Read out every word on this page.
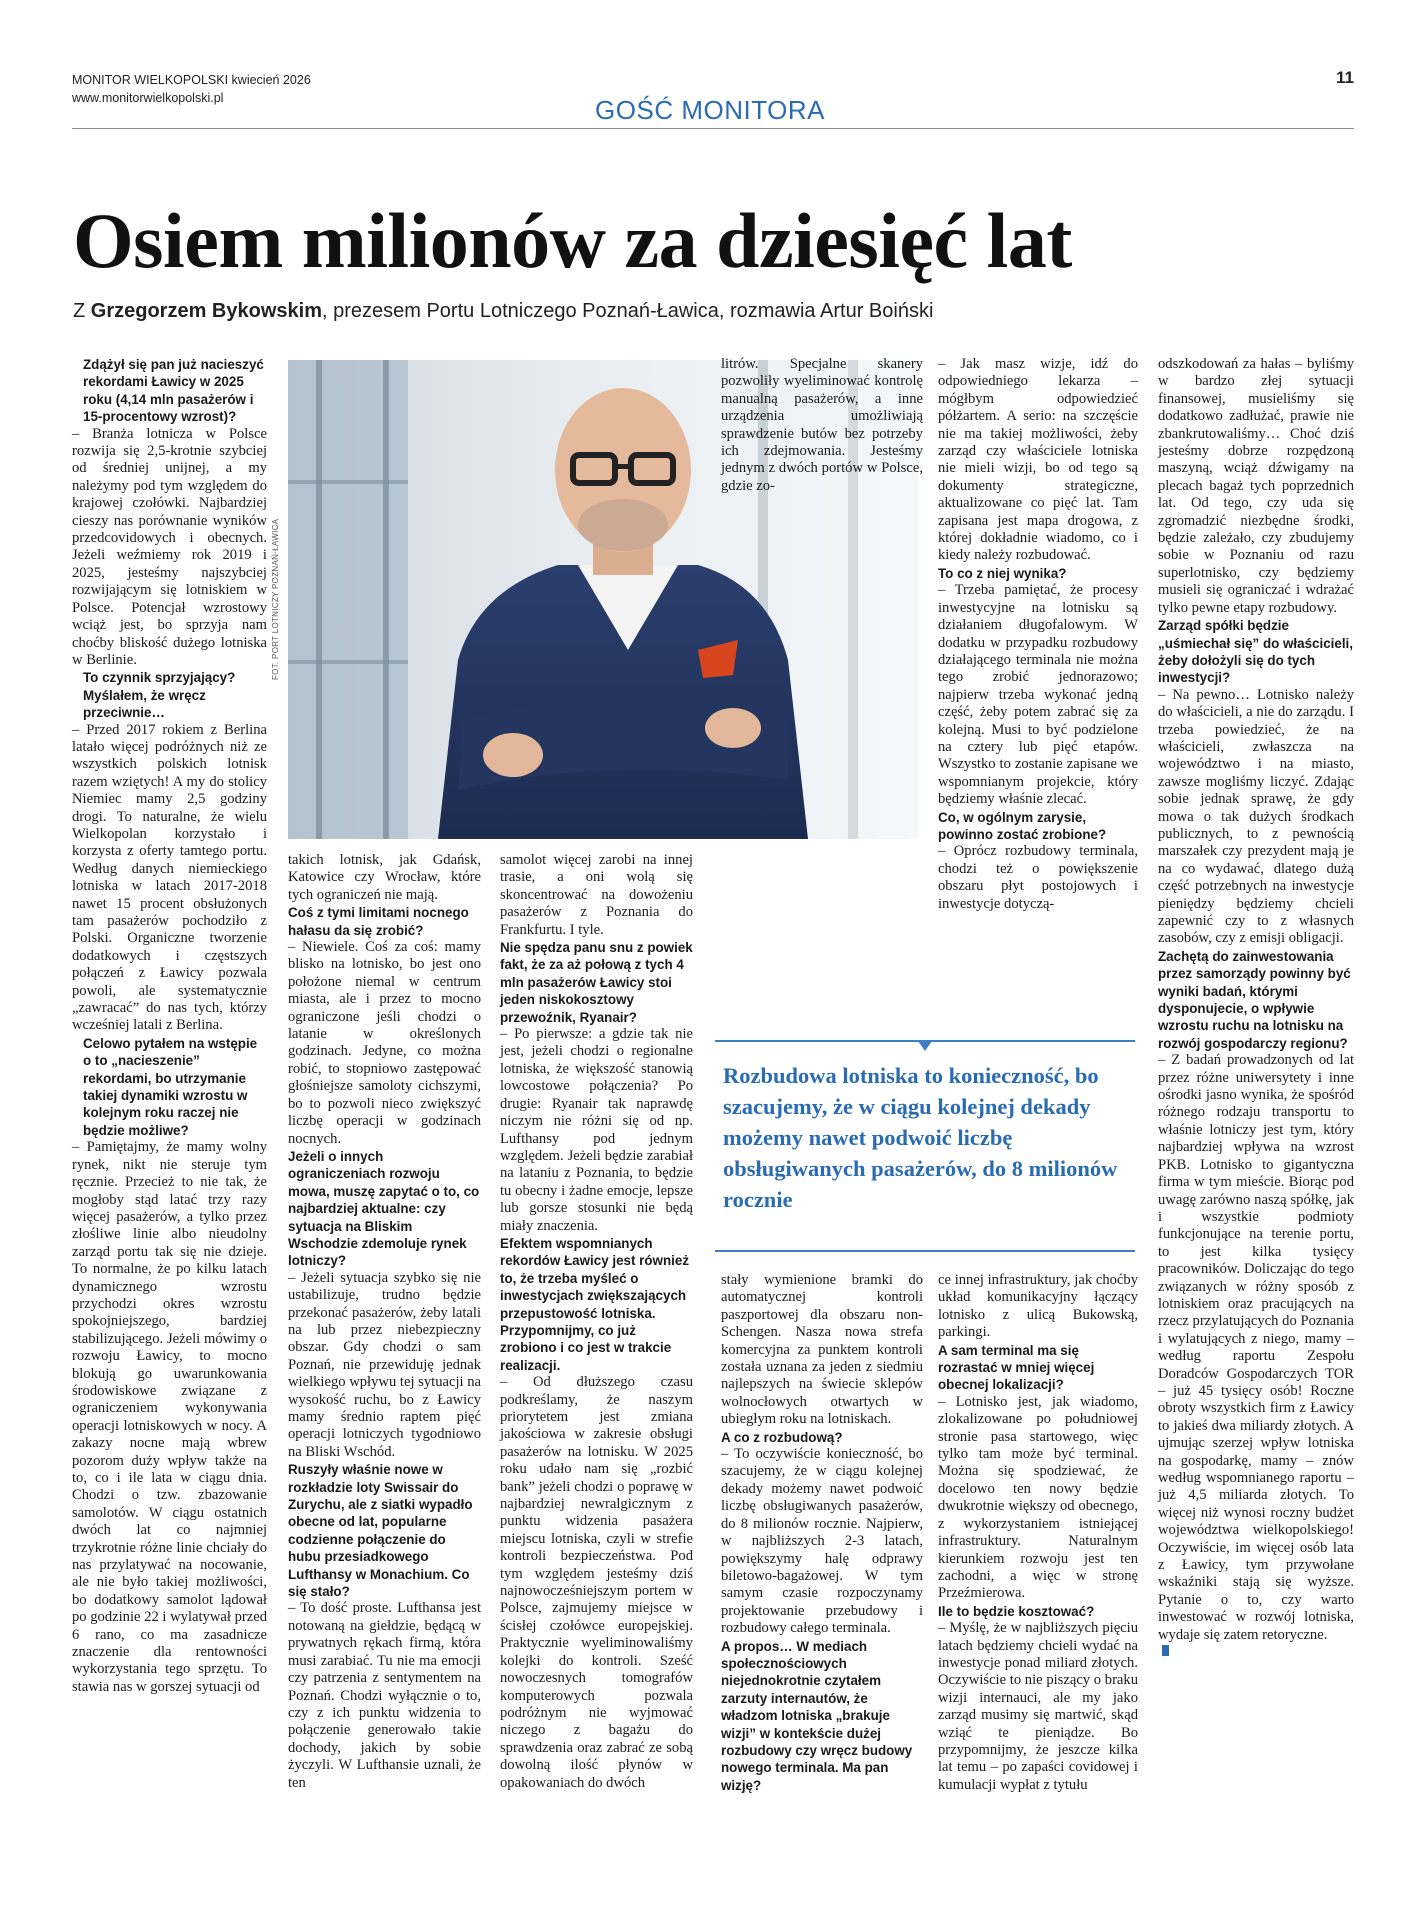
MONITOR WIELKOPOLSKI kwiecień 2026
www.monitorwielkopolski.pl
11
GOŚĆ MONITORA
Osiem milionów za dziesięć lat
Z Grzegorzem Bykowskim, prezesem Portu Lotniczego Poznań-Ławica, rozmawia Artur Boiński
FOT. PORT LOTNICZY POZNAŃ-ŁAWICA

Zdążył się pan już nacieszyć rekordami Ławicy w 2025 roku (4,14 mln pasażerów i 15-procentowy wzrost)?

– Branża lotnicza w Polsce rozwija się 2,5-krotnie szybciej od średniej unijnej, a my należymy pod tym względem do krajowej czołówki. Najbardziej cieszy nas porównanie wyników przedcovidowych i obecnych. Jeżeli weźmiemy rok 2019 i 2025, jesteśmy najszybciej rozwijającym się lotniskiem w Polsce. Potencjał wzrostowy wciąż jest, bo sprzyja nam choćby bliskość dużego lotniska w Berlinie.

To czynnik sprzyjający? Myślałem, że wręcz przeciwnie…

– Przed 2017 rokiem z Berlina latało więcej podróżnych niż ze wszystkich polskich lotnisk razem wziętych! A my do stolicy Niemiec mamy 2,5 godziny drogi. To naturalne, że wielu Wielkopolan korzystało i korzysta z oferty tamtego portu. Według danych niemieckiego lotniska w latach 2017-2018 nawet 15 procent obsłużonych tam pasażerów pochodziło z Polski. Organiczne tworzenie dodatkowych i częstszych połączeń z Ławicy pozwala powoli, ale systematycznie „zawracać” do nas tych, którzy wcześniej latali z Berlina.

Celowo pytałem na wstępie o to „nacieszenie” rekordami, bo utrzymanie takiej dynamiki wzrostu w kolejnym roku raczej nie będzie możliwe?

– Pamiętajmy, że mamy wolny rynek, nikt nie steruje tym ręcznie. Przecież to nie tak, że mogłoby stąd latać trzy razy więcej pasażerów, a tylko przez złośliwe linie albo nieudolny zarząd portu tak się nie dzieje. To normalne, że po kilku latach dynamicznego wzrostu przychodzi okres wzrostu spokojniejszego, bardziej stabilizującego. Jeżeli mówimy o rozwoju Ławicy, to mocno blokują go uwarunkowania środowiskowe związane z ograniczeniem wykonywania operacji lotniskowych w nocy. A zakazy nocne mają wbrew pozorom duży wpływ także na to, co i ile lata w ciągu dnia. Chodzi o tzw. zbazowanie samolotów. W ciągu ostatnich dwóch lat co najmniej trzykrotnie różne linie chciały do nas przylatywać na nocowanie, ale nie było takiej możliwości, bo dodatkowy samolot lądował po godzinie 22 i wylatywał przed 6 rano, co ma zasadnicze znaczenie dla rentowności wykorzystania tego sprzętu. To stawia nas w gorszej sytuacji od

takich lotnisk, jak Gdańsk, Katowice czy Wrocław, które tych ograniczeń nie mają.

Coś z tymi limitami nocnego hałasu da się zrobić?

– Niewiele. Coś za coś: mamy blisko na lotnisko, bo jest ono położone niemal w centrum miasta, ale i przez to mocno ograniczone jeśli chodzi o latanie w określonych godzinach. Jedyne, co można robić, to stopniowo zastępować głośniejsze samoloty cichszymi, bo to pozwoli nieco zwiększyć liczbę operacji w godzinach nocnych.

Jeżeli o innych ograniczeniach rozwoju mowa, muszę zapytać o to, co najbardziej aktualne: czy sytuacja na Bliskim Wschodzie zdemoluje rynek lotniczy?

– Jeżeli sytuacja szybko się nie ustabilizuje, trudno będzie przekonać pasażerów, żeby latali na lub przez niebezpieczny obszar. Gdy chodzi o sam Poznań, nie przewiduję jednak wielkiego wpływu tej sytuacji na wysokość ruchu, bo z Ławicy mamy średnio raptem pięć operacji lotniczych tygodniowo na Bliski Wschód.

Ruszyły właśnie nowe w rozkładzie loty Swissair do Zurychu, ale z siatki wypadło obecne od lat, popularne codzienne połączenie do hubu przesiadkowego Lufthansy w Monachium. Co się stało?

– To dość proste. Lufthansa jest notowaną na giełdzie, będącą w prywatnych rękach firmą, która musi zarabiać. Tu nie ma emocji czy patrzenia z sentymentem na Poznań. Chodzi wyłącznie o to, czy z ich punktu widzenia to połączenie generowało takie dochody, jakich by sobie życzyli. W Lufthansie uznali, że ten

samolot więcej zarobi na innej trasie, a oni wolą się skoncentrować na dowożeniu pasażerów z Poznania do Frankfurtu. I tyle.

Nie spędza panu snu z powiek fakt, że za aż połową z tych 4 mln pasażerów Ławicy stoi jeden niskokosztowy przewoźnik, Ryanair?

– Po pierwsze: a gdzie tak nie jest, jeżeli chodzi o regionalne lotniska, że większość stanowią lowcostowe połączenia? Po drugie: Ryanair tak naprawdę niczym nie różni się od np. Lufthansy pod jednym względem. Jeżeli będzie zarabiał na lataniu z Poznania, to będzie tu obecny i żadne emocje, lepsze lub gorsze stosunki nie będą miały znaczenia.

Efektem wspomnianych rekordów Ławicy jest również to, że trzeba myśleć o inwestycjach zwiększających przepustowość lotniska. Przypomnijmy, co już zrobiono i co jest w trakcie realizacji.

– Od dłuższego czasu podkreślamy, że naszym priorytetem jest zmiana jakościowa w zakresie obsługi pasażerów na lotnisku. W 2025 roku udało nam się „rozbić bank” jeżeli chodzi o poprawę w najbardziej newralgicznym z punktu widzenia pasażera miejscu lotniska, czyli w strefie kontroli bezpieczeństwa. Pod tym względem jesteśmy dziś najnowocześniejszym portem w Polsce, zajmujemy miejsce w ścisłej czołówce europejskiej. Praktycznie wyeliminowaliśmy kolejki do kontroli. Sześć nowoczesnych tomografów komputerowych pozwala podróżnym nie wyjmować niczego z bagażu do sprawdzenia oraz zabrać ze sobą dowolną ilość płynów w opakowaniach do dwóch

litrów. Specjalne skanery pozwoliły wyeliminować kontrolę manualną pasażerów, a inne urządzenia umożliwiają sprawdzenie butów bez potrzeby ich zdejmowania. Jesteśmy jednym z dwóch portów w Polsce, gdzie zo-

stały wymienione bramki do automatycznej kontroli paszportowej dla obszaru non-Schengen. Nasza nowa strefa komercyjna za punktem kontroli została uznana za jeden z siedmiu najlepszych na świecie sklepów wolnocłowych otwartych w ubiegłym roku na lotniskach.

A co z rozbudową?

– To oczywiście konieczność, bo szacujemy, że w ciągu kolejnej dekady możemy nawet podwoić liczbę obsługiwanych pasażerów, do 8 milionów rocznie. Najpierw, w najbliższych 2-3 latach, powiększymy halę odprawy biletowo-bagażowej. W tym samym czasie rozpoczynamy projektowanie przebudowy i rozbudowy całego terminala.

A propos… W mediach społecznościowych niejednokrotnie czytałem zarzuty internautów, że władzom lotniska „brakuje wizji” w kontekście dużej rozbudowy czy wręcz budowy nowego terminala. Ma pan wizję?

– Jak masz wizje, idź do odpowiedniego lekarza – mógłbym odpowiedzieć półżartem. A serio: na szczęście nie ma takiej możliwości, żeby zarząd czy właściciele lotniska nie mieli wizji, bo od tego są dokumenty strategiczne, aktualizowane co pięć lat. Tam zapisana jest mapa drogowa, z której dokładnie wiadomo, co i kiedy należy rozbudować.

To co z niej wynika?

– Trzeba pamiętać, że procesy inwestycyjne na lotnisku są działaniem długofalowym. W dodatku w przypadku rozbudowy działającego terminala nie można tego zrobić jednorazowo; najpierw trzeba wykonać jedną część, żeby potem zabrać się za kolejną. Musi to być podzielone na cztery lub pięć etapów. Wszystko to zostanie zapisane we wspomnianym projekcie, który będziemy właśnie zlecać.

Co, w ogólnym zarysie, powinno zostać zrobione?

– Oprócz rozbudowy terminala, chodzi też o powiększenie obszaru płyt postojowych i inwestycje dotyczą-

ce innej infrastruktury, jak choćby układ komunikacyjny łączący lotnisko z ulicą Bukowską, parkingi.

A sam terminal ma się rozrastać w mniej więcej obecnej lokalizacji?

– Lotnisko jest, jak wiadomo, zlokalizowane po południowej stronie pasa startowego, więc tylko tam może być terminal. Można się spodziewać, że docelowo ten nowy będzie dwukrotnie większy od obecnego, z wykorzystaniem istniejącej infrastruktury. Naturalnym kierunkiem rozwoju jest ten zachodni, a więc w stronę Przeźmierowa.

Ile to będzie kosztować?

– Myślę, że w najbliższych pięciu latach będziemy chcieli wydać na inwestycje ponad miliard złotych. Oczywiście to nie piszący o braku wizji internauci, ale my jako zarząd musimy się martwić, skąd wziąć te pieniądze. Bo przypomnijmy, że jeszcze kilka lat temu – po zapaści covidowej i kumulacji wypłat z tytułu

odszkodowań za hałas – byliśmy w bardzo złej sytuacji finansowej, musieliśmy się dodatkowo zadłużać, prawie nie zbankrutowaliśmy… Choć dziś jesteśmy dobrze rozpędzoną maszyną, wciąż dźwigamy na plecach bagaż tych poprzednich lat. Od tego, czy uda się zgromadzić niezbędne środki, będzie zależało, czy zbudujemy sobie w Poznaniu od razu superlotnisko, czy będziemy musieli się ograniczać i wdrażać tylko pewne etapy rozbudowy.

Zarząd spółki będzie „uśmiechał się” do właścicieli, żeby dołożyli się do tych inwestycji?

– Na pewno… Lotnisko należy do właścicieli, a nie do zarządu. I trzeba powiedzieć, że na właścicieli, zwłaszcza na województwo i na miasto, zawsze mogliśmy liczyć. Zdając sobie jednak sprawę, że gdy mowa o tak dużych środkach publicznych, to z pewnością marszałek czy prezydent mają je na co wydawać, dlatego dużą część potrzebnych na inwestycje pieniędzy będziemy chcieli zapewnić czy to z własnych zasobów, czy z emisji obligacji.

Zachętą do zainwestowania przez samorządy powinny być wyniki badań, którymi dysponujecie, o wpływie wzrostu ruchu na lotnisku na rozwój gospodarczy regionu?

– Z badań prowadzonych od lat przez różne uniwersytety i inne ośrodki jasno wynika, że spośród różnego rodzaju transportu to właśnie lotniczy jest tym, który najbardziej wpływa na wzrost PKB. Lotnisko to gigantyczna firma w tym mieście. Biorąc pod uwagę zarówno naszą spółkę, jak i wszystkie podmioty funkcjonujące na terenie portu, to jest kilka tysięcy pracowników. Doliczając do tego związanych w różny sposób z lotniskiem oraz pracujących na rzecz przylatujących do Poznania i wylatujących z niego, mamy – według raportu Zespołu Doradców Gospodarczych TOR – już 45 tysięcy osób! Roczne obroty wszystkich firm z Ławicy to jakieś dwa miliardy złotych. A ujmując szerzej wpływ lotniska na gospodarkę, mamy – znów według wspomnianego raportu – już 4,5 miliarda złotych. To więcej niż wynosi roczny budżet województwa wielkopolskiego! Oczywiście, im więcej osób lata z Ławicy, tym przywołane wskaźniki stają się wyższe. Pytanie o to, czy warto inwestować w rozwój lotniska, wydaje się zatem retoryczne.

Rozbudowa lotniska to konieczność, bo szacujemy, że w ciągu kolejnej dekady możemy nawet podwoić liczbę obsługiwanych pasażerów, do 8 milionów rocznie
